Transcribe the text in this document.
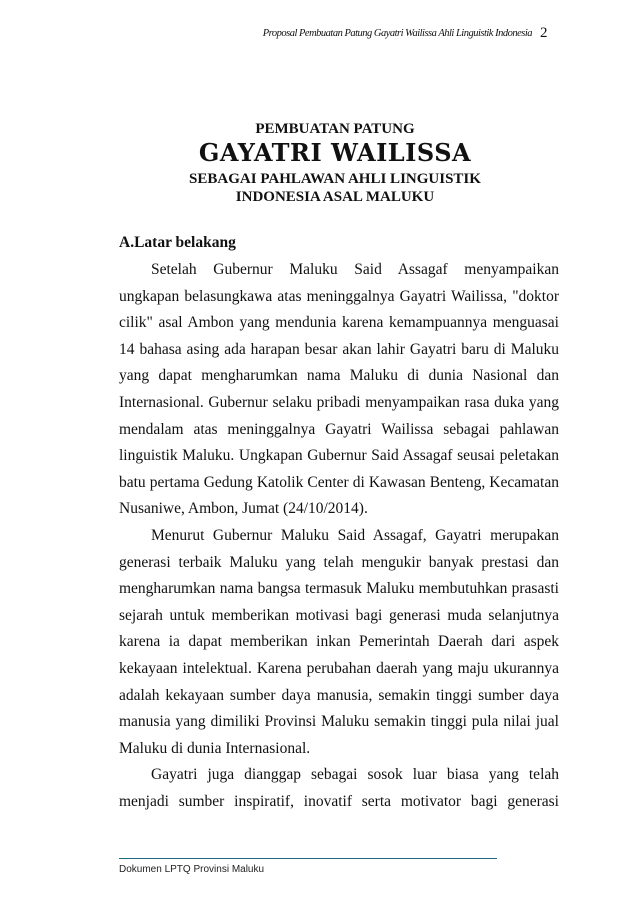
Proposal Pembuatan Patung Gayatri Wailissa Ahli Linguistik Indonesia 2
PEMBUATAN PATUNG
GAYATRI WAILISSA
SEBAGAI PAHLAWAN AHLI LINGUISTIK
INDONESIA ASAL MALUKU
A.Latar belakang
Setelah Gubernur Maluku Said Assagaf menyampaikan
ungkapan belasungkawa atas meninggalnya Gayatri Wailissa, "doktor
cilik" asal Ambon yang mendunia karena kemampuannya menguasai
14 bahasa asing ada harapan besar akan lahir Gayatri baru di Maluku
yang dapat mengharumkan nama Maluku di dunia Nasional dan
Internasional. Gubernur selaku pribadi menyampaikan rasa duka yang
mendalam atas meninggalnya Gayatri Wailissa sebagai pahlawan
linguistik Maluku. Ungkapan Gubernur Said Assagaf seusai peletakan
batu pertama Gedung Katolik Center di Kawasan Benteng, Kecamatan
Nusaniwe, Ambon, Jumat (24/10/2014).
Menurut Gubernur Maluku Said Assagaf, Gayatri merupakan
generasi terbaik Maluku yang telah mengukir banyak prestasi dan
mengharumkan nama bangsa termasuk Maluku membutuhkan prasasti
sejarah untuk memberikan motivasi bagi generasi muda selanjutnya
karena ia dapat memberikan inkan Pemerintah Daerah dari aspek
kekayaan intelektual. Karena perubahan daerah yang maju ukurannya
adalah kekayaan sumber daya manusia, semakin tinggi sumber daya
manusia yang dimiliki Provinsi Maluku semakin tinggi pula nilai jual
Maluku di dunia Internasional.
Gayatri juga dianggap sebagai sosok luar biasa yang telah
menjadi sumber inspiratif, inovatif serta motivator bagi generasi
Dokumen LPTQ Provinsi Maluku
